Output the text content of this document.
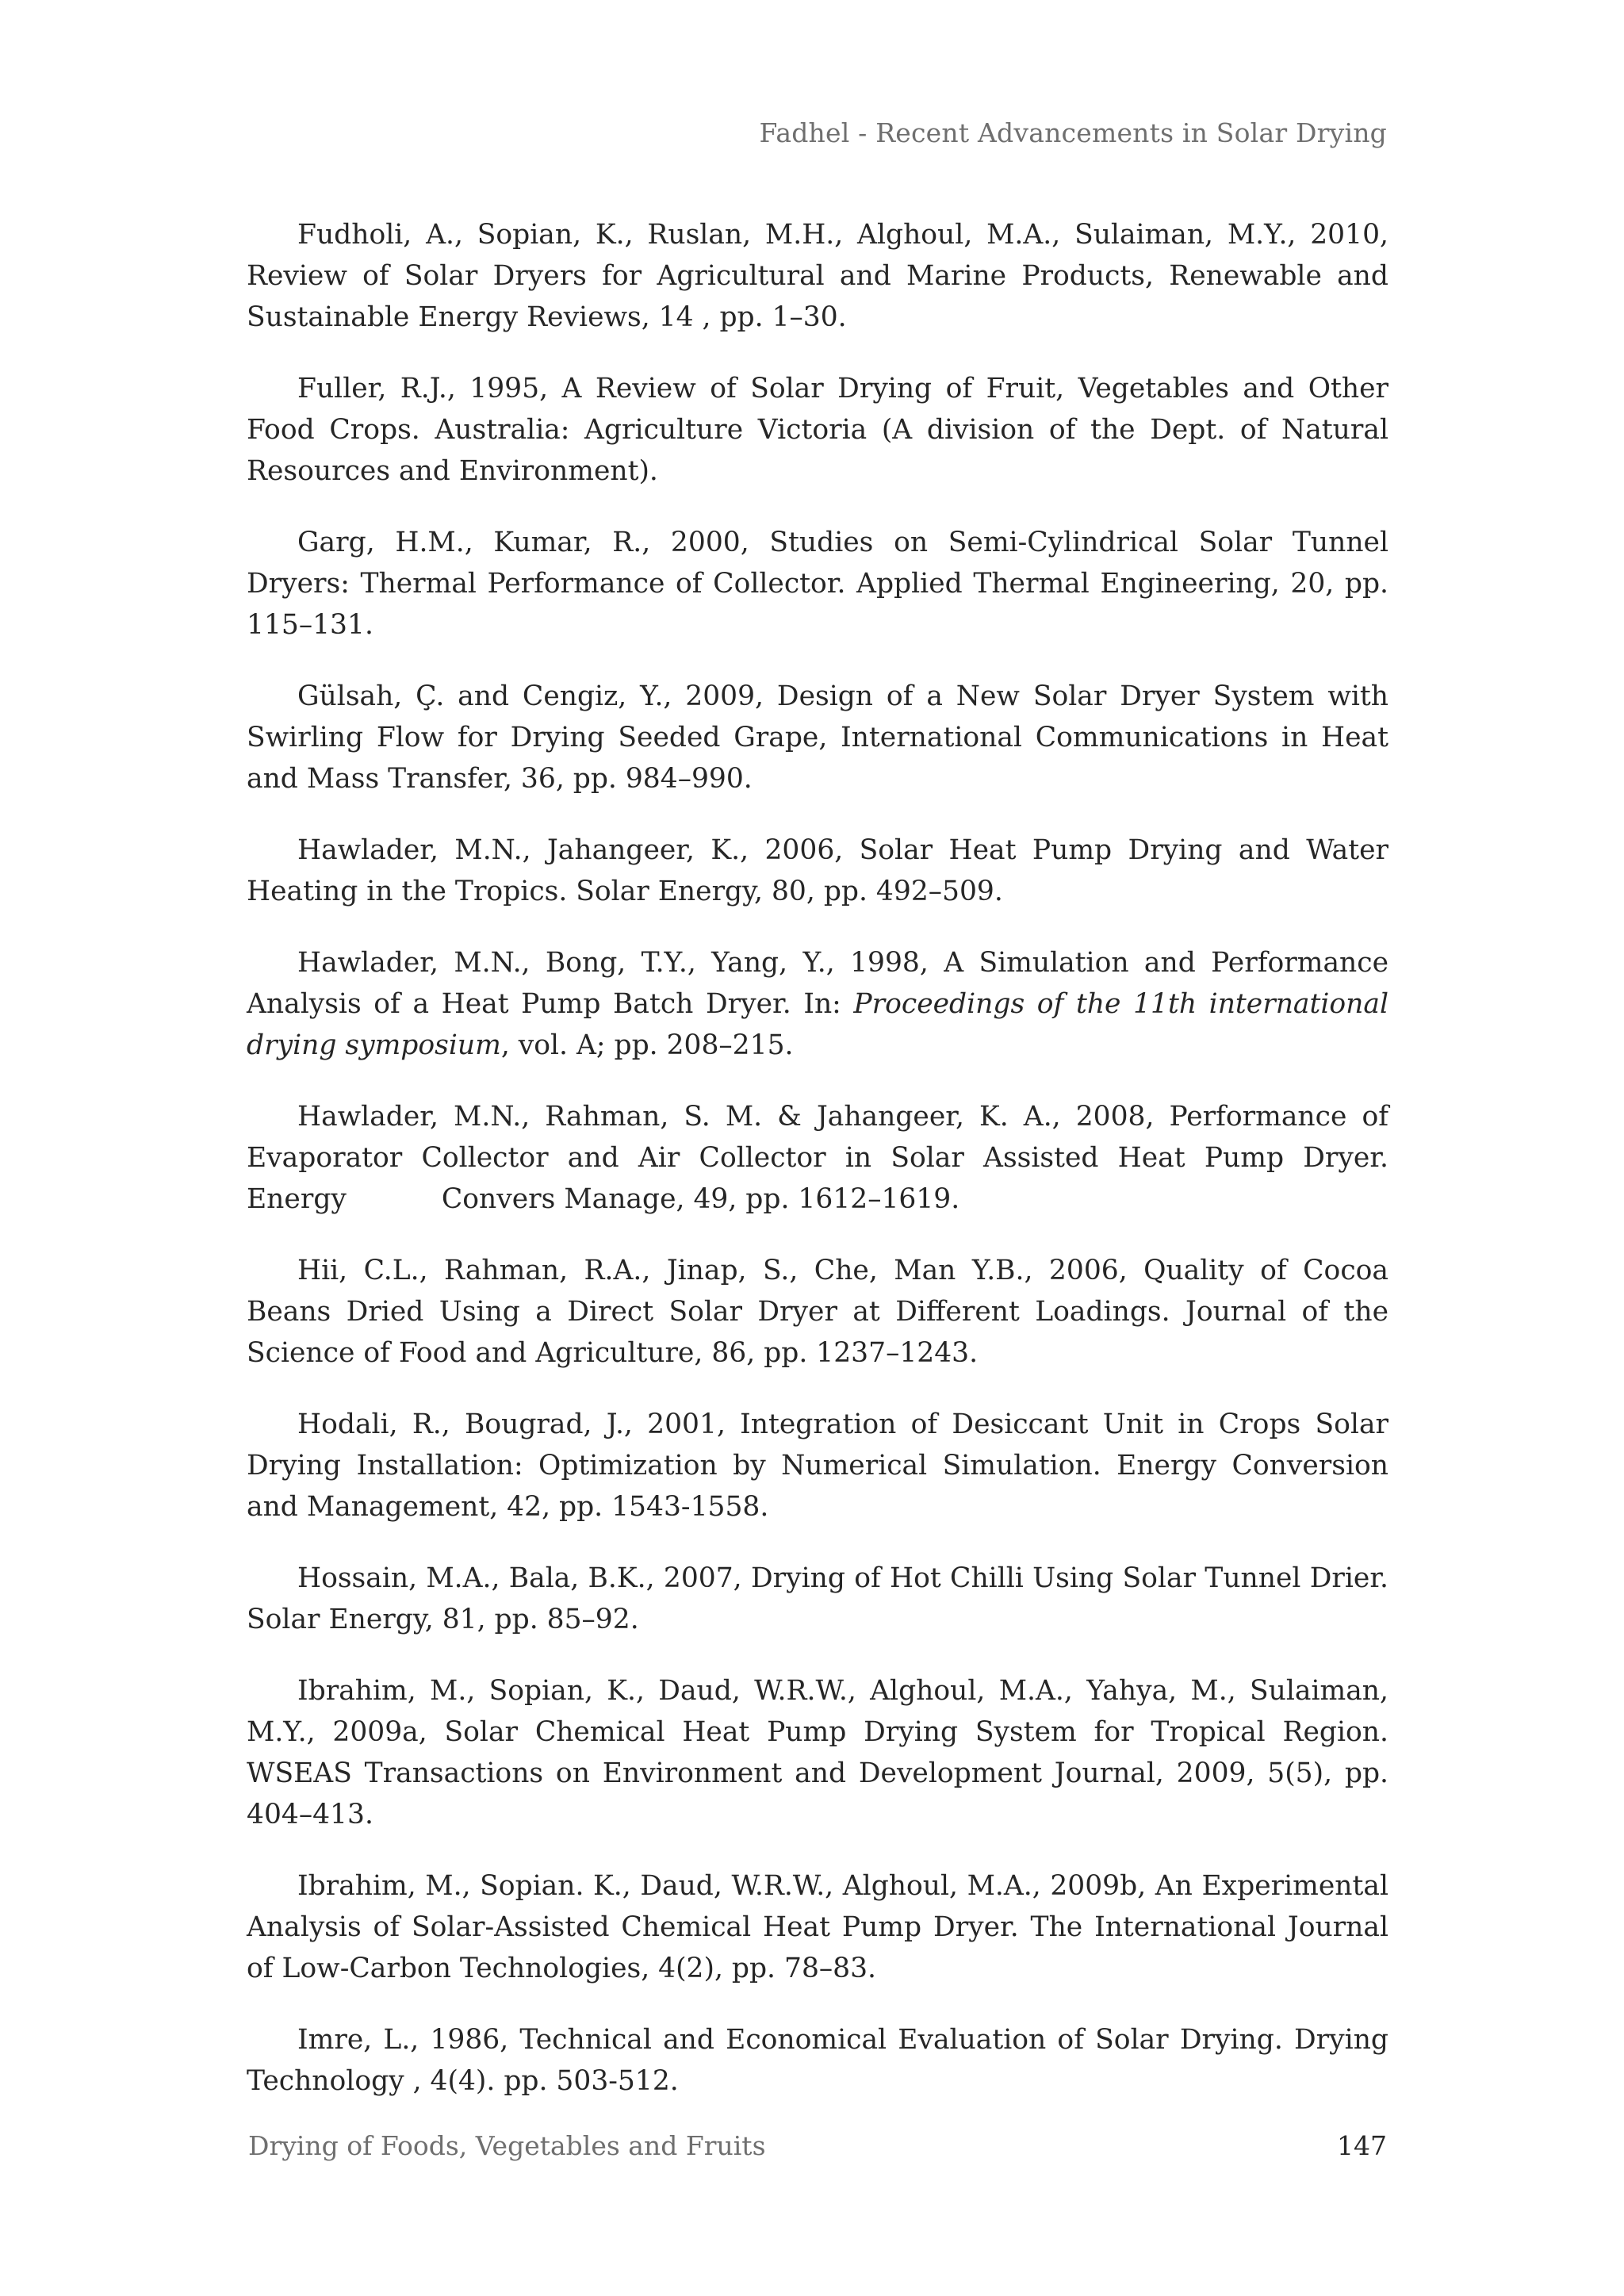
Fadhel - Recent Advancements in Solar Drying

Fudholi, A., Sopian, K., Ruslan, M.H., Alghoul, M.A., Sulaiman, M.Y., 2010, Review of Solar Dryers for Agricultural and Marine Products, Renewable and Sustainable Energy Reviews, 14 , pp. 1–30.

Fuller, R.J., 1995, A Review of Solar Drying of Fruit, Vegetables and Other Food Crops. Australia: Agriculture Victoria (A division of the Dept. of Natural Resources and Environment).

Garg, H.M., Kumar, R., 2000, Studies on Semi-Cylindrical Solar Tunnel Dryers: Thermal Performance of Collector. Applied Thermal Engineering, 20, pp. 115–131.

Gülsah, Ç. and Cengiz, Y., 2009, Design of a New Solar Dryer System with Swirling Flow for Drying Seeded Grape, International Communications in Heat and Mass Transfer, 36, pp. 984–990.

Hawlader, M.N., Jahangeer, K., 2006, Solar Heat Pump Drying and Water Heating in the Tropics. Solar Energy, 80, pp. 492–509.

Hawlader, M.N., Bong, T.Y., Yang, Y., 1998, A Simulation and Performance Analysis of a Heat Pump Batch Dryer. In: Proceedings of the 11th international drying symposium, vol. A; pp. 208–215.

Hawlader, M.N., Rahman, S. M. & Jahangeer, K. A., 2008, Performance of Evaporator Collector and Air Collector in Solar Assisted Heat Pump Dryer. Energy	Convers Manage, 49, pp. 1612–1619.

Hii, C.L., Rahman, R.A., Jinap, S., Che, Man Y.B., 2006, Quality of Cocoa Beans Dried Using a Direct Solar Dryer at Different Loadings. Journal of the Science of Food and Agriculture, 86, pp. 1237–1243.

Hodali, R., Bougrad, J., 2001, Integration of Desiccant Unit in Crops Solar Drying Installation: Optimization by Numerical Simulation. Energy Conversion and Management, 42, pp. 1543-1558.

Hossain, M.A., Bala, B.K., 2007, Drying of Hot Chilli Using Solar Tunnel Drier. Solar Energy, 81, pp. 85–92.

Ibrahim, M., Sopian, K., Daud, W.R.W., Alghoul, M.A., Yahya, M., Sulaiman, M.Y., 2009a, Solar Chemical Heat Pump Drying System for Tropical Region. WSEAS Transactions on Environment and Development Journal, 2009, 5(5), pp. 404–413.

Ibrahim, M., Sopian. K., Daud, W.R.W., Alghoul, M.A., 2009b, An Experimental Analysis of Solar-Assisted Chemical Heat Pump Dryer. The International Journal of Low-Carbon Technologies, 4(2), pp. 78–83.

Imre, L., 1986, Technical and Economical Evaluation of Solar Drying. Drying Technology , 4(4). pp. 503-512.

Drying of Foods, Vegetables and Fruits	147
